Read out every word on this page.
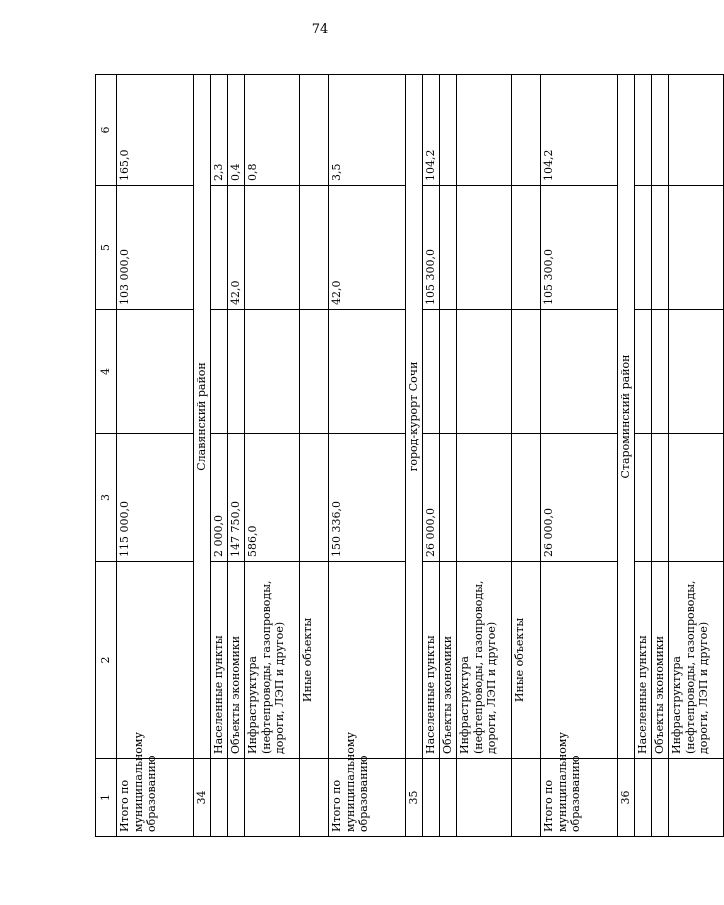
74
1	2	3	4	5	6
Итого по муниципальному образованию		115 000,0		103 000,0	165,0
34	Славянский район				
	Населенные пункты	2 000,0			2,3
	Объекты экономики	147 750,0		42,0	0,4
	Инфраструктура (нефтепроводы, газопроводы, дороги, ЛЭП и другое)	586,0			0,8
	Иные объекты				
Итого по муниципальному образованию		150 336,0		42,0	3,5
35	город-курорт Сочи				
	Населенные пункты	26 000,0		105 300,0	104,2
	Объекты экономики				
	Инфраструктура (нефтепроводы, газопроводы, дороги, ЛЭП и другое)				
	Иные объекты				
Итого по муниципальному образованию		26 000,0		105 300,0	104,2
36	Староминский район				
	Населенные пункты				
	Объекты экономики				
	Инфраструктура (нефтепроводы, газопроводы, дороги, ЛЭП и другое)				
